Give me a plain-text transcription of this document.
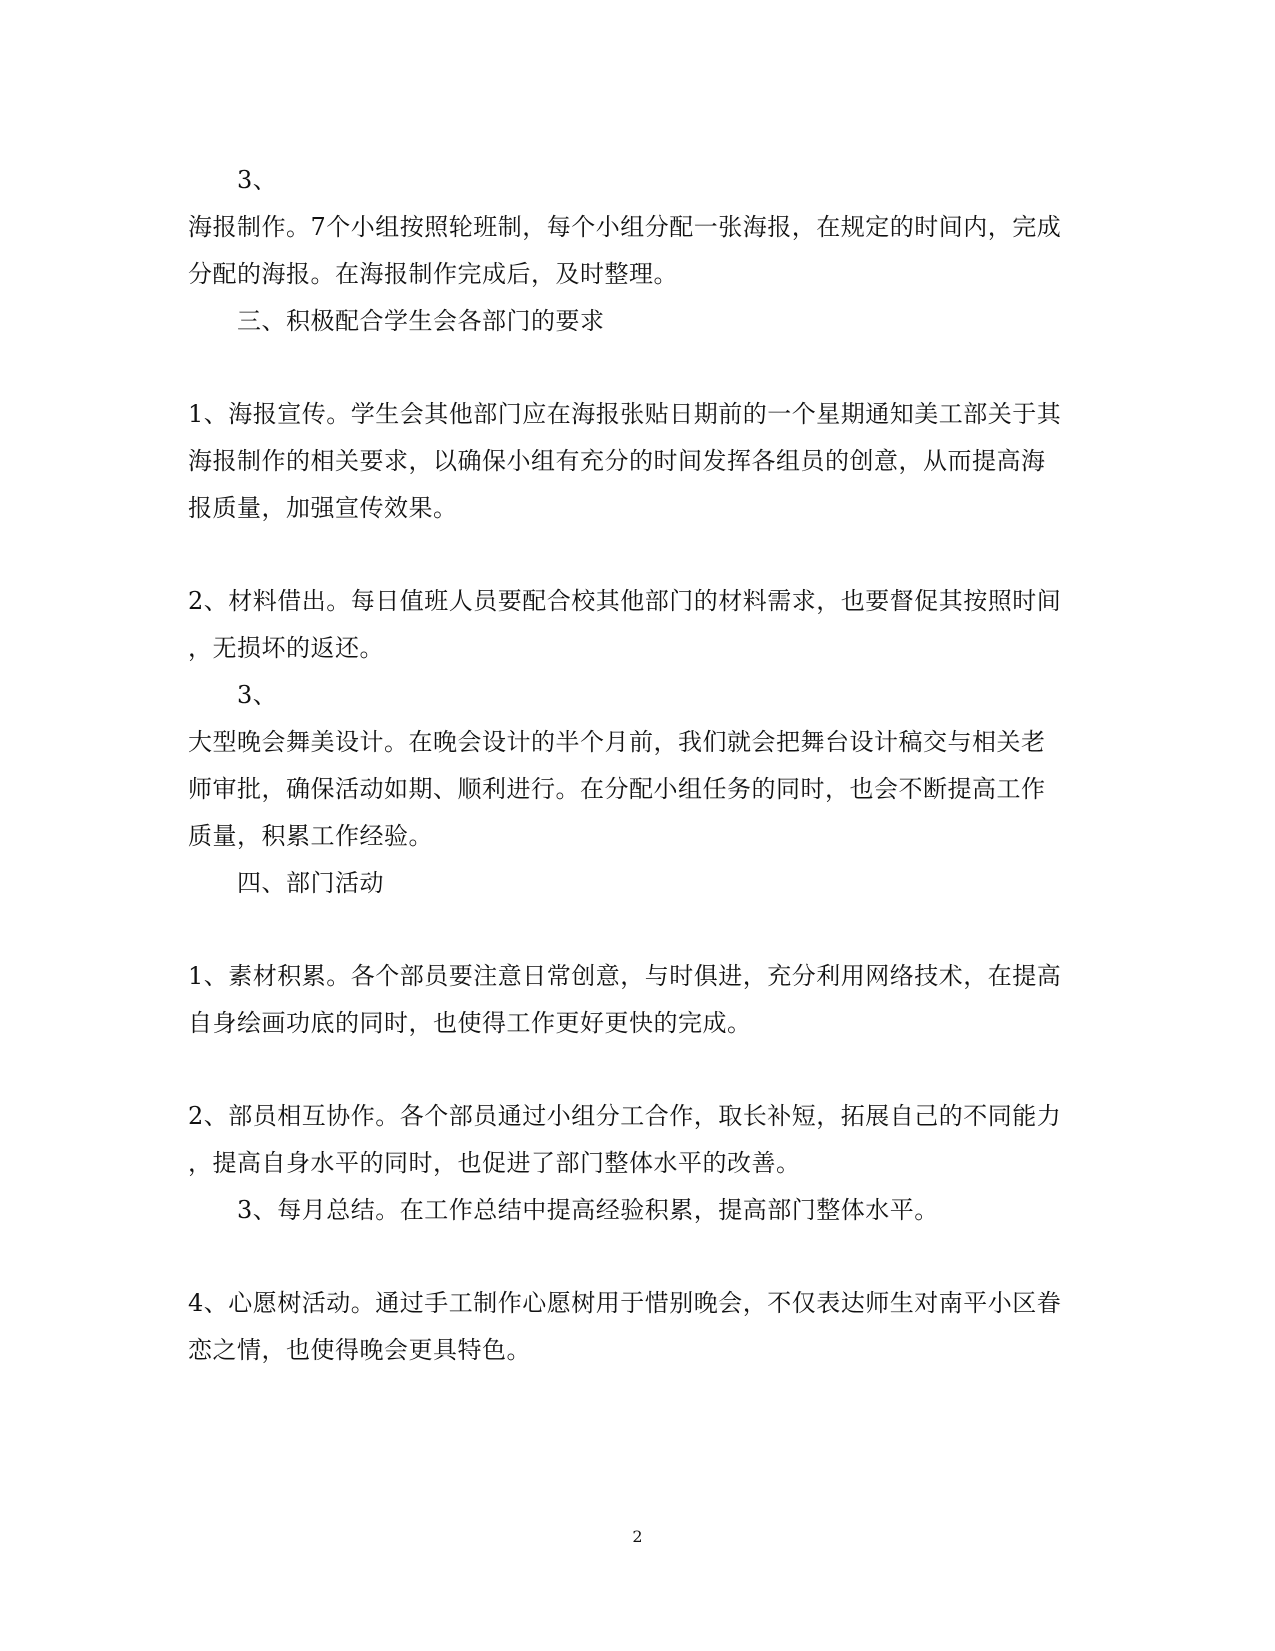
3、
海报制作。7个小组按照轮班制，每个小组分配一张海报，在规定的时间内，完成
分配的海报。在海报制作完成后，及时整理。
三、积极配合学生会各部门的要求
1、海报宣传。学生会其他部门应在海报张贴日期前的一个星期通知美工部关于其
海报制作的相关要求，以确保小组有充分的时间发挥各组员的创意，从而提高海
报质量，加强宣传效果。
2、材料借出。每日值班人员要配合校其他部门的材料需求，也要督促其按照时间
，无损坏的返还。
3、
大型晚会舞美设计。在晚会设计的半个月前，我们就会把舞台设计稿交与相关老
师审批，确保活动如期、顺利进行。在分配小组任务的同时，也会不断提高工作
质量，积累工作经验。
四、部门活动
1、素材积累。各个部员要注意日常创意，与时俱进，充分利用网络技术，在提高
自身绘画功底的同时，也使得工作更好更快的完成。
2、部员相互协作。各个部员通过小组分工合作，取长补短，拓展自己的不同能力
，提高自身水平的同时，也促进了部门整体水平的改善。
3、每月总结。在工作总结中提高经验积累，提高部门整体水平。
4、心愿树活动。通过手工制作心愿树用于惜别晚会，不仅表达师生对南平小区眷
恋之情，也使得晚会更具特色。
2
